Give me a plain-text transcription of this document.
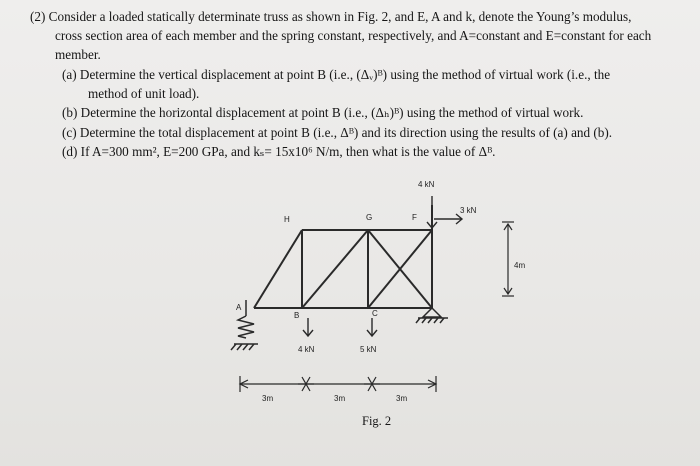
(2) Consider a loaded statically determinate truss as shown in Fig. 2, and E, A and k, denote the Young’s modulus,
cross section area of each member and the spring constant, respectively, and A=constant and E=constant for each
member.
(a) Determine the vertical displacement at point B (i.e., (Δᵥ)ᴮ) using the method of virtual work (i.e., the
method of unit load).
(b) Determine the horizontal displacement at point B (i.e., (Δₕ)ᴮ) using the method of virtual work.
(c) Determine the total displacement at point B (i.e., Δᴮ) and its direction using the results of (a) and (b).
(d) If A=300 mm², E=200 GPa, and kₛ= 15x10⁶ N/m, then what is the value of Δᴮ.
H	G	F
A
B	C
4 kN
3 kN
4 kN	5 kN
4m
3m	3m	3m
Fig. 2
